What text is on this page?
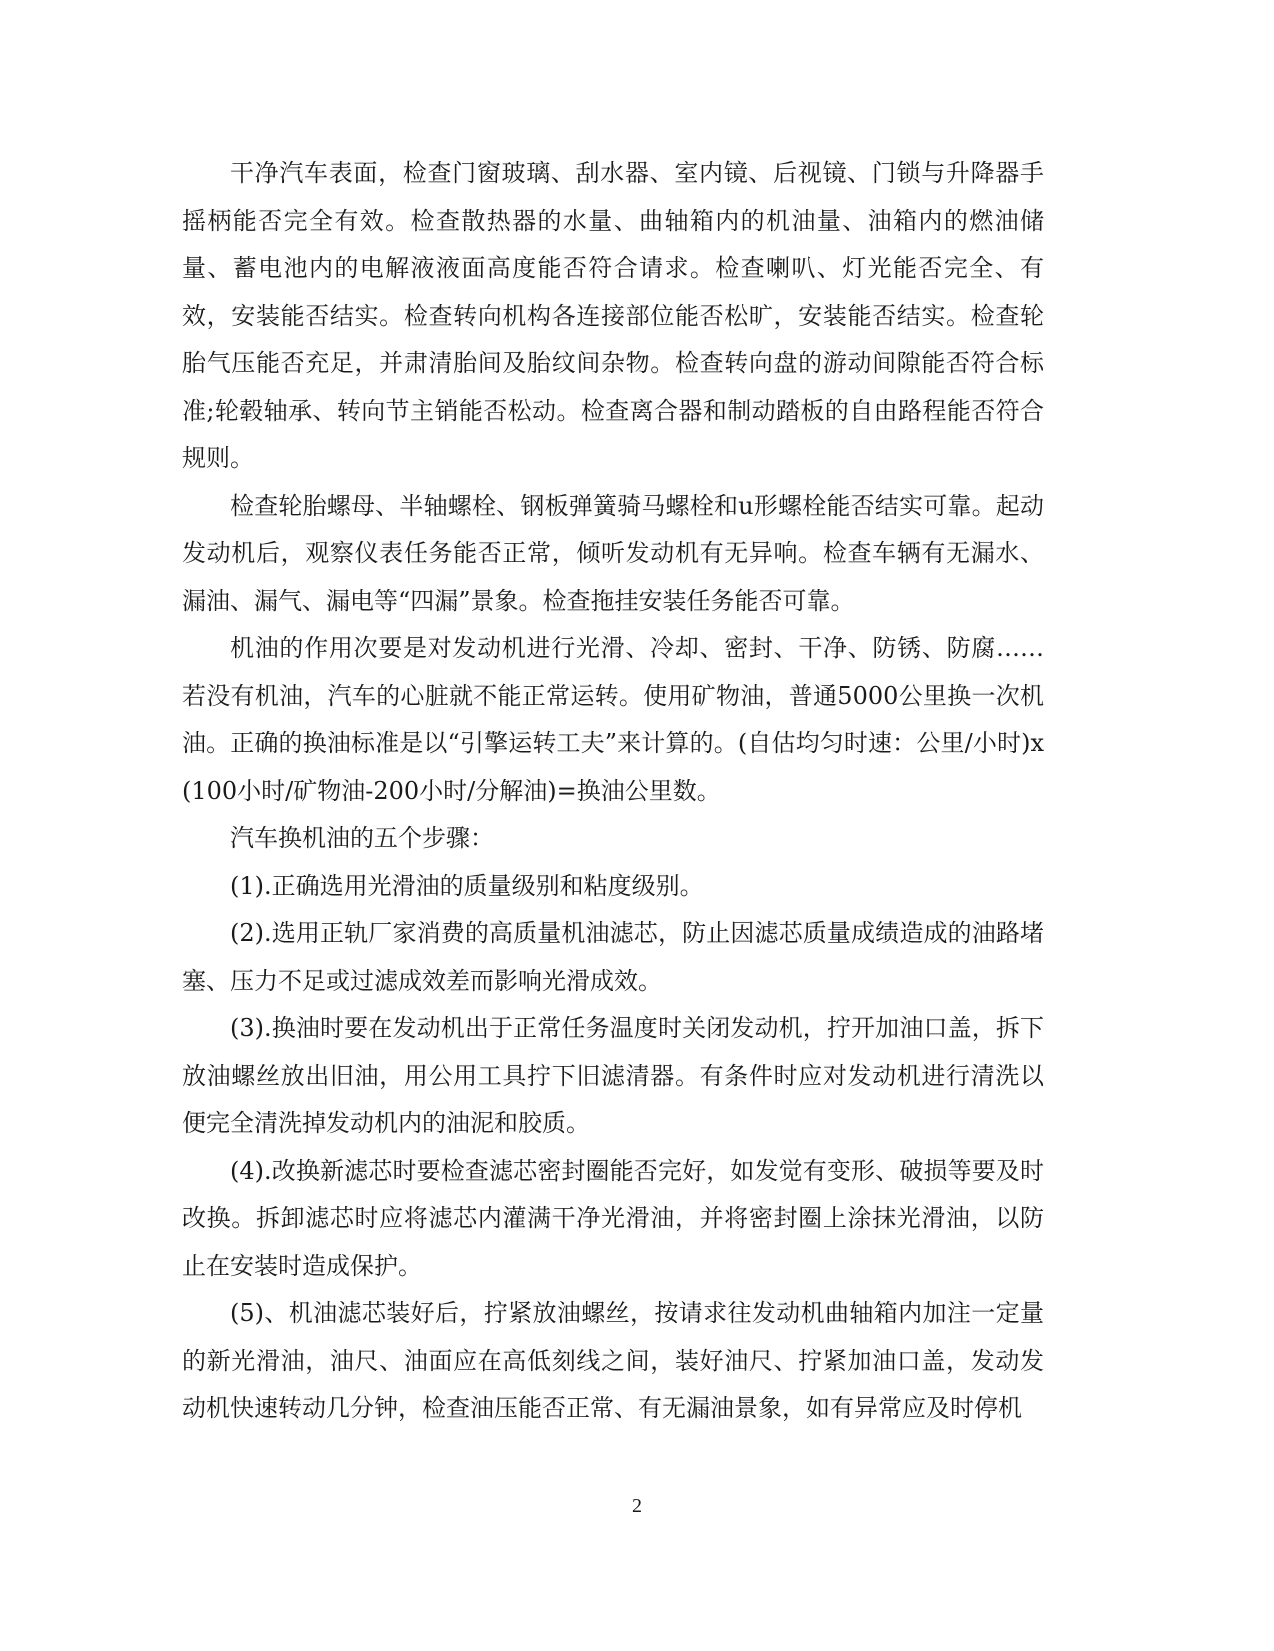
干净汽车表面，检查门窗玻璃、刮水器、室内镜、后视镜、门锁与升降器手摇柄能否完全有效。检查散热器的水量、曲轴箱内的机油量、油箱内的燃油储量、蓄电池内的电解液液面高度能否符合请求。检查喇叭、灯光能否完全、有效，安装能否结实。检查转向机构各连接部位能否松旷，安装能否结实。检查轮胎气压能否充足，并肃清胎间及胎纹间杂物。检查转向盘的游动间隙能否符合标准;轮毂轴承、转向节主销能否松动。检查离合器和制动踏板的自由路程能否符合规则。

检查轮胎螺母、半轴螺栓、钢板弹簧骑马螺栓和u形螺栓能否结实可靠。起动发动机后，观察仪表任务能否正常，倾听发动机有无异响。检查车辆有无漏水、漏油、漏气、漏电等“四漏”景象。检查拖挂安装任务能否可靠。

机油的作用次要是对发动机进行光滑、冷却、密封、干净、防锈、防腐……若没有机油，汽车的心脏就不能正常运转。使用矿物油，普通5000公里换一次机油。正确的换油标准是以“引擎运转工夫”来计算的。(自估均匀时速：公里/小时)x(100小时/矿物油-200小时/分解油)=换油公里数。

汽车换机油的五个步骤：

(1).正确选用光滑油的质量级别和粘度级别。

(2).选用正轨厂家消费的高质量机油滤芯，防止因滤芯质量成绩造成的油路堵塞、压力不足或过滤成效差而影响光滑成效。

(3).换油时要在发动机出于正常任务温度时关闭发动机，拧开加油口盖，拆下放油螺丝放出旧油，用公用工具拧下旧滤清器。有条件时应对发动机进行清洗以便完全清洗掉发动机内的油泥和胶质。

(4).改换新滤芯时要检查滤芯密封圈能否完好，如发觉有变形、破损等要及时改换。拆卸滤芯时应将滤芯内灌满干净光滑油，并将密封圈上涂抹光滑油，以防止在安装时造成保护。

(5)、机油滤芯装好后，拧紧放油螺丝，按请求往发动机曲轴箱内加注一定量的新光滑油，油尺、油面应在高低刻线之间，装好油尺、拧紧加油口盖，发动发动机快速转动几分钟，检查油压能否正常、有无漏油景象，如有异常应及时停机

2
